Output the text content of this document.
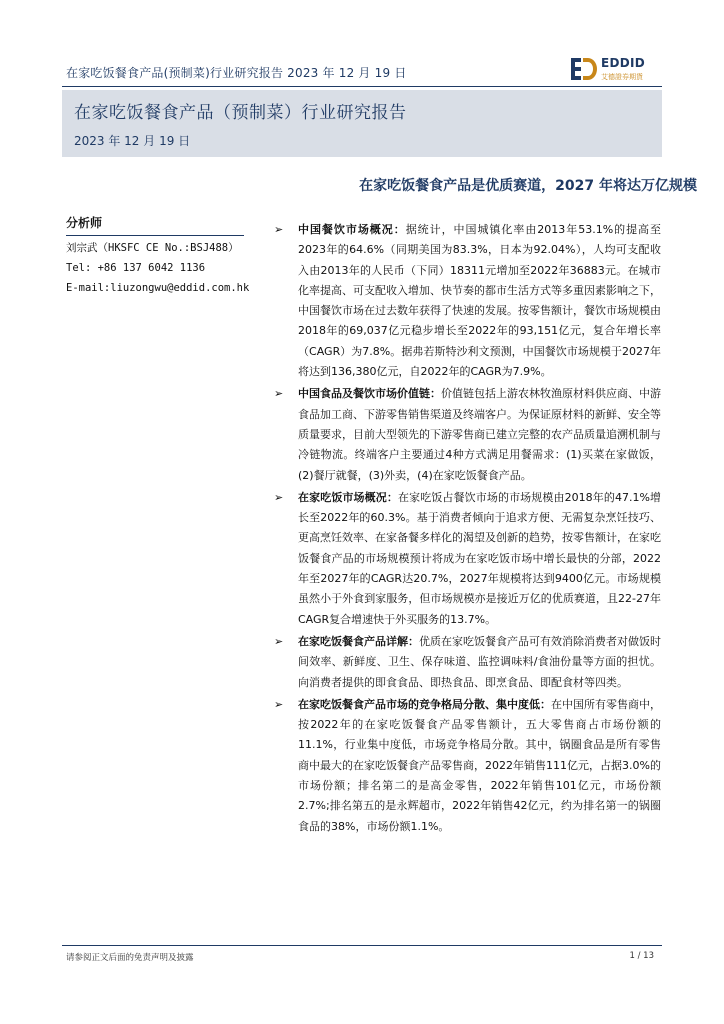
在家吃饭餐食产品(预制菜)行业研究报告 2023 年 12 月 19 日
EDDID
艾德證券期貨
在家吃饭餐食产品（预制菜）行业研究报告
2023 年 12 月 19 日
在家吃饭餐食产品是优质赛道，2027 年将达万亿规模
分析师
刘宗武（HKSFC CE No.:BSJ488）
Tel: +86 137 6042 1136
E-mail:liuzongwu@eddid.com.hk
➢ 中国餐饮市场概况：据统计，中国城镇化率由2013年53.1%的提高至2023年的64.6%（同期美国为83.3%，日本为92.04%），人均可支配收入由2013年的人民币（下同）18311元增加至2022年36883元。在城市化率提高、可支配收入增加、快节奏的都市生活方式等多重因素影响之下，中国餐饮市场在过去数年获得了快速的发展。按零售额计，餐饮市场规模由2018年的69,037亿元稳步增长至2022年的93,151亿元，复合年增长率（CAGR）为7.8%。据弗若斯特沙利文预测，中国餐饮市场规模于2027年将达到136,380亿元，自2022年的CAGR为7.9%。
➢ 中国食品及餐饮市场价值链：价值链包括上游农林牧渔原材料供应商、中游食品加工商、下游零售销售渠道及终端客户。为保证原材料的新鲜、安全等质量要求，目前大型领先的下游零售商已建立完整的农产品质量追溯机制与冷链物流。终端客户主要通过4种方式满足用餐需求：(1)买菜在家做饭，(2)餐厅就餐，(3)外卖，(4)在家吃饭餐食产品。
➢ 在家吃饭市场概况：在家吃饭占餐饮市场的市场规模由2018年的47.1%增长至2022年的60.3%。基于消费者倾向于追求方便、无需复杂烹饪技巧、更高烹饪效率、在家备餐多样化的渴望及创新的趋势，按零售额计，在家吃饭餐食产品的市场规模预计将成为在家吃饭市场中增长最快的分部，2022年至2027年的CAGR达20.7%，2027年规模将达到9400亿元。市场规模虽然小于外食到家服务，但市场规模亦是接近万亿的优质赛道，且22-27年CAGR复合增速快于外买服务的13.7%。
➢ 在家吃饭餐食产品详解：优质在家吃饭餐食产品可有效消除消费者对做饭时间效率、新鲜度、卫生、保存味道、监控调味料/食油份量等方面的担忧。向消费者提供的即食食品、即热食品、即烹食品、即配食材等四类。
➢ 在家吃饭餐食产品市场的竞争格局分散、集中度低：在中国所有零售商中，按2022年的在家吃饭餐食产品零售额计，五大零售商占市场份额的11.1%，行业集中度低，市场竞争格局分散。其中，锅圈食品是所有零售商中最大的在家吃饭餐食产品零售商，2022年销售111亿元，占据3.0%的市场份额；排名第二的是高金零售，2022年销售101亿元，市场份额2.7%;排名第五的是永辉超市，2022年销售42亿元，约为排名第一的锅圈食品的38%，市场份额1.1%。
请参阅正文后面的免责声明及披露	1 / 13
